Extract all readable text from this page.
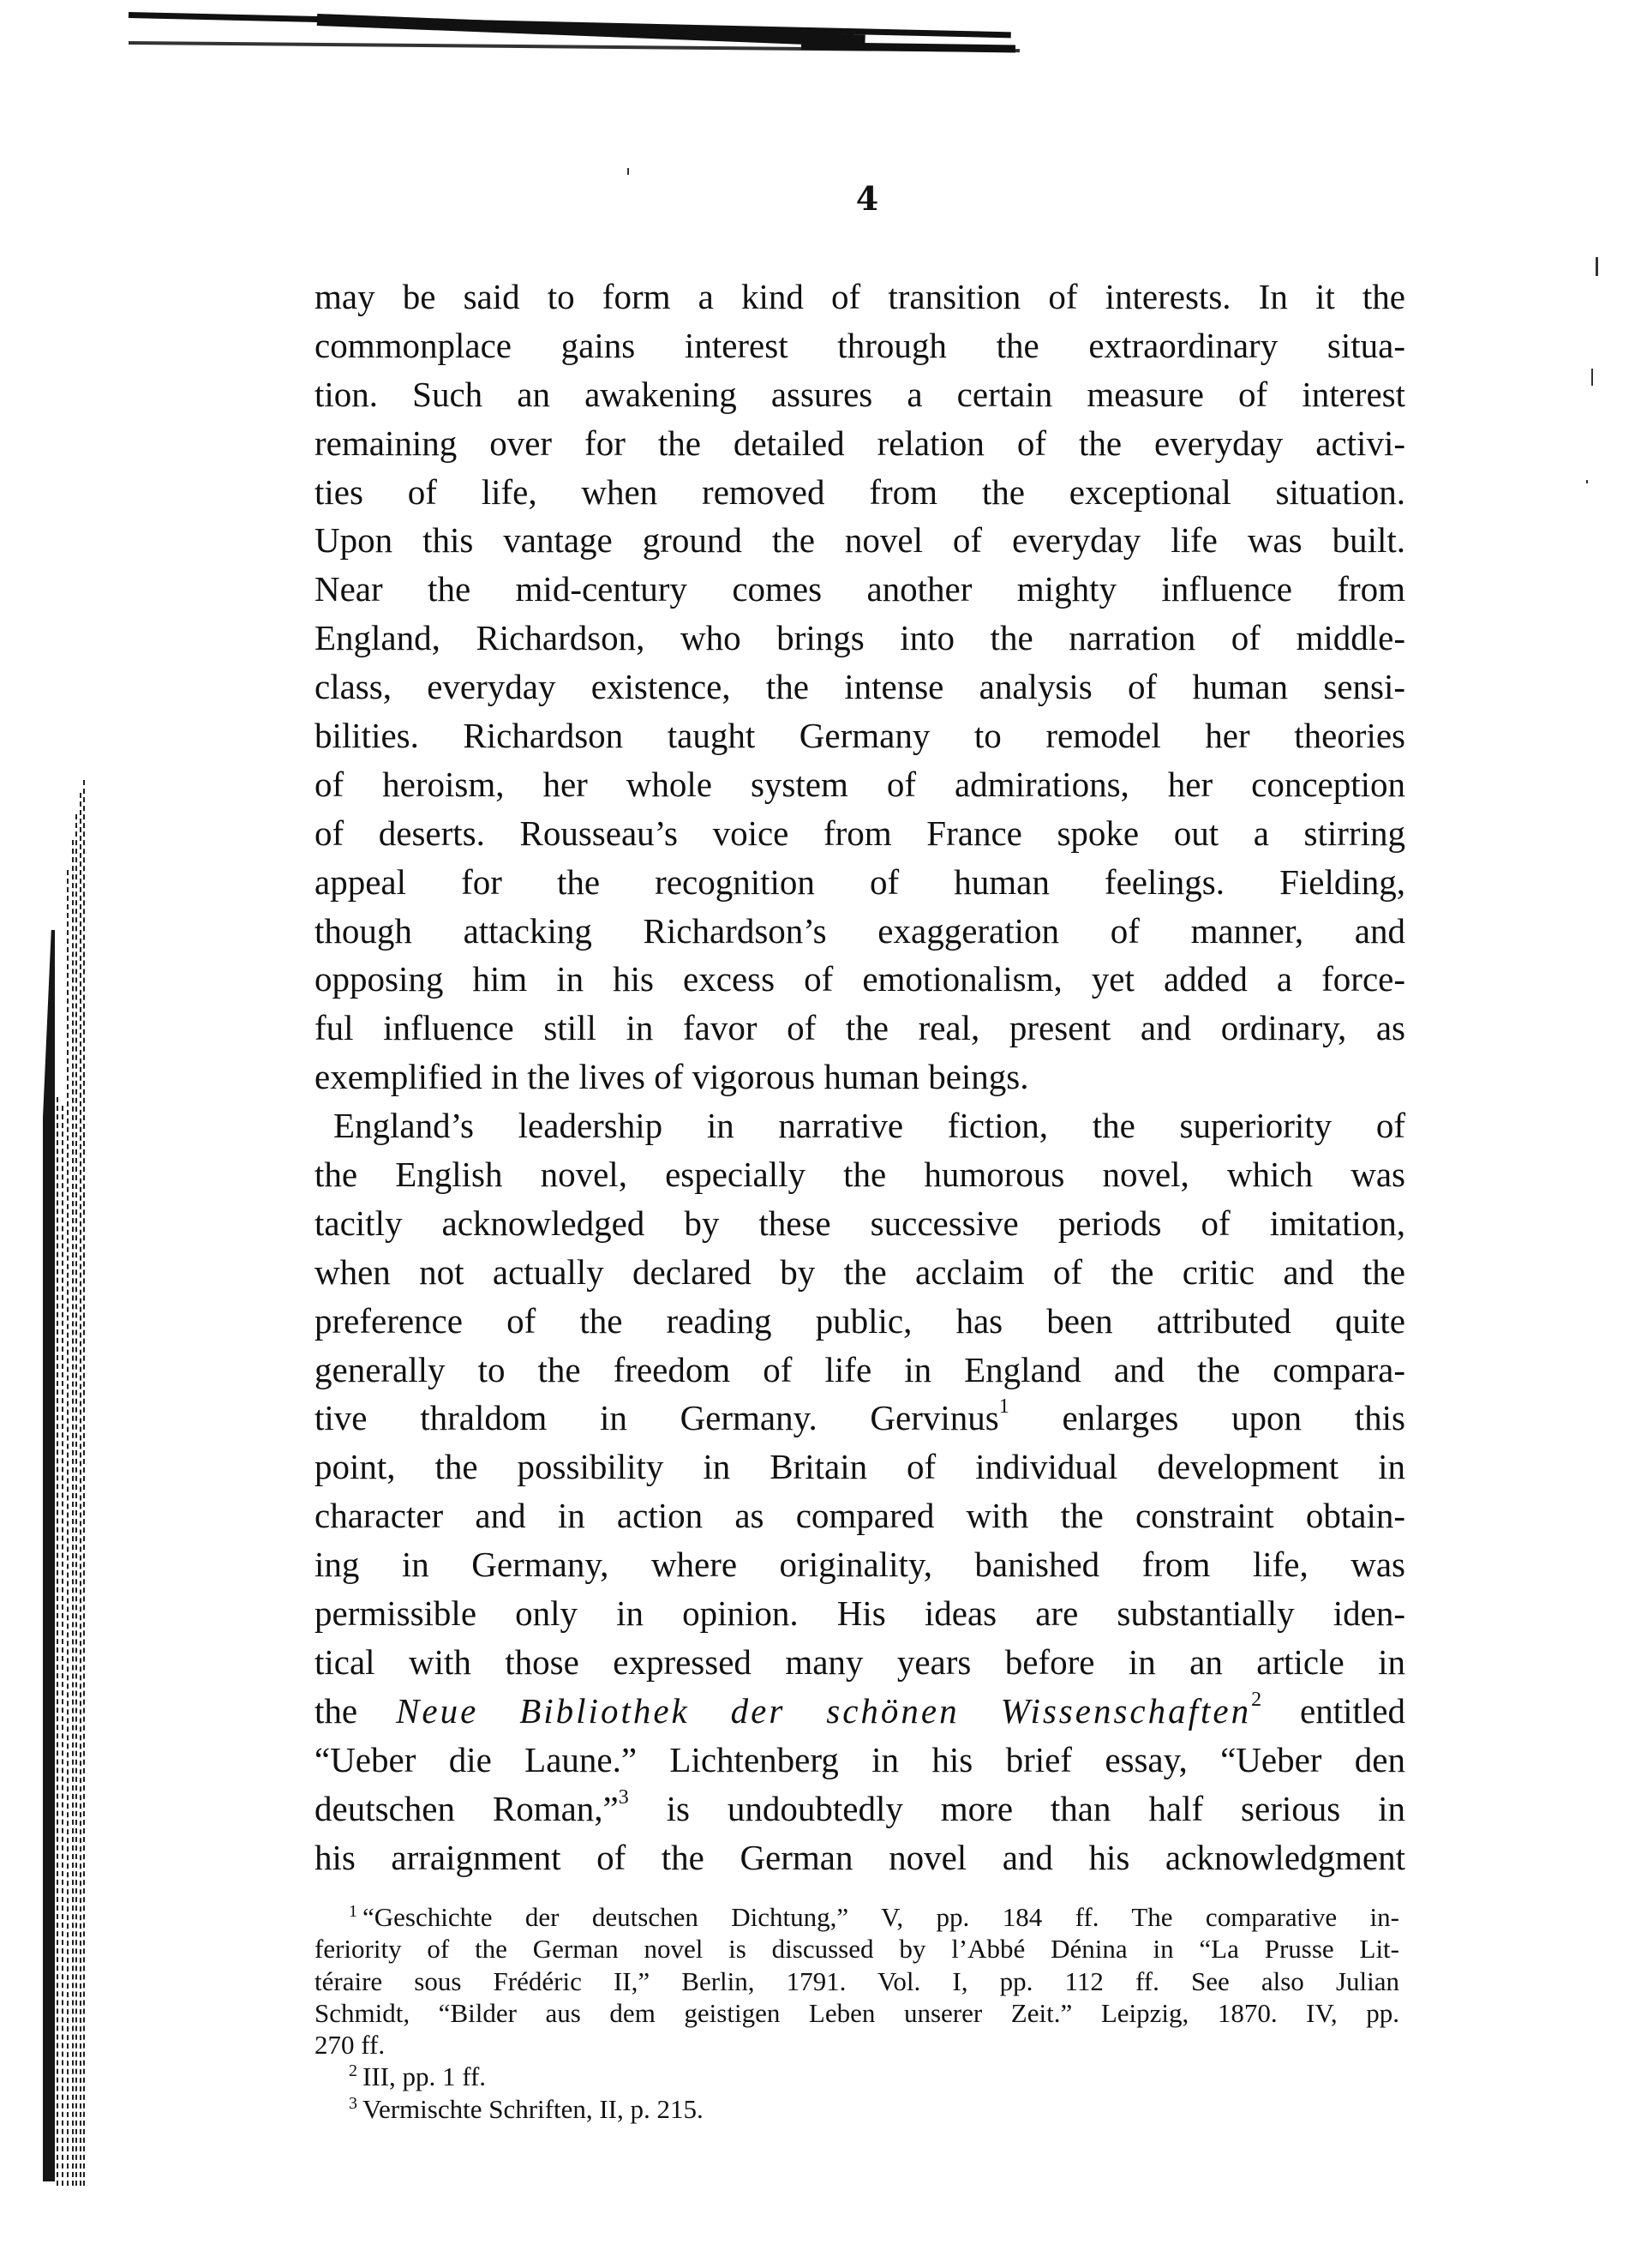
4
may be said to form a kind of transition of interests. In it the
commonplace gains interest through the extraordinary situa-
tion. Such an awakening assures a certain measure of interest
remaining over for the detailed relation of the everyday activi-
ties of life, when removed from the exceptional situation.
Upon this vantage ground the novel of everyday life was built.
Near the mid-century comes another mighty influence from
England, Richardson, who brings into the narration of middle-
class, everyday existence, the intense analysis of human sensi-
bilities. Richardson taught Germany to remodel her theories
of heroism, her whole system of admirations, her conception
of deserts. Rousseau’s voice from France spoke out a stirring
appeal for the recognition of human feelings. Fielding,
though attacking Richardson’s exaggeration of manner, and
opposing him in his excess of emotionalism, yet added a force-
ful influence still in favor of the real, present and ordinary, as
exemplified in the lives of vigorous human beings.
England’s leadership in narrative fiction, the superiority of
the English novel, especially the humorous novel, which was
tacitly acknowledged by these successive periods of imitation,
when not actually declared by the acclaim of the critic and the
preference of the reading public, has been attributed quite
generally to the freedom of life in England and the compara-
tive thraldom in Germany. Gervinus$^1$ enlarges upon this
point, the possibility in Britain of individual development in
character and in action as compared with the constraint obtain-
ing in Germany, where originality, banished from life, was
permissible only in opinion. His ideas are substantially iden-
tical with those expressed many years before in an article in
the Neue Bibliothek der schönen Wissenschaften$^2$ entitled
“Ueber die Laune.” Lichtenberg in his brief essay, “Ueber den
deutschen Roman,”$^3$ is undoubtedly more than half serious in
his arraignment of the German novel and his acknowledgment
$^1$ “Geschichte der deutschen Dichtung,” V, pp. 184 ff. The comparative in-
feriority of the German novel is discussed by l’Abbé Dénina in “La Prusse Lit-
téraire sous Frédéric II,” Berlin, 1791. Vol. I, pp. 112 ff. See also Julian
Schmidt, “Bilder aus dem geistigen Leben unserer Zeit.” Leipzig, 1870. IV, pp.
270 ff.
$^2$ III, pp. 1 ff.
$^3$ Vermischte Schriften, II, p. 215.
